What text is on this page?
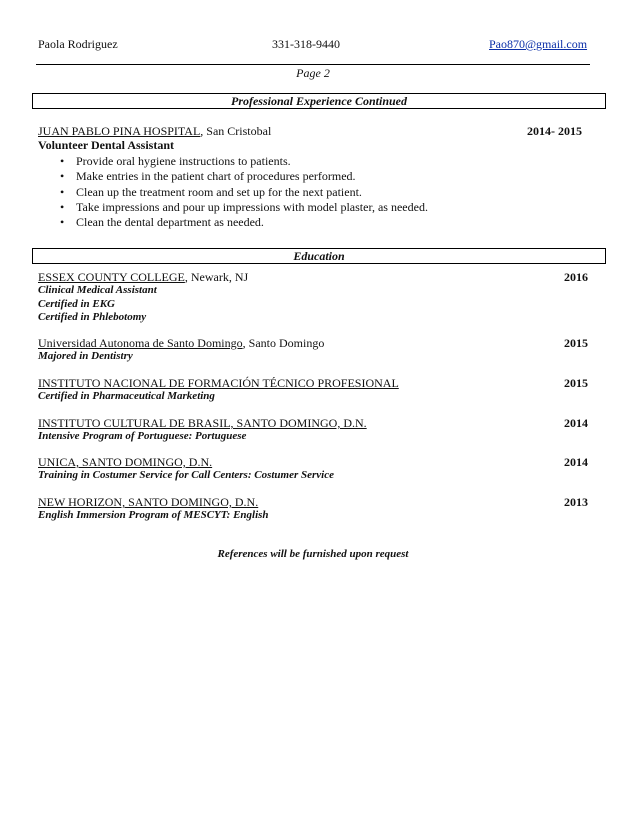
Paola Rodriguez	331-318-9440	Pao870@gmail.com
Page 2
Professional Experience Continued
JUAN PABLO PINA HOSPITAL, San Cristobal	2014- 2015
Volunteer Dental Assistant
• Provide oral hygiene instructions to patients.
• Make entries in the patient chart of procedures performed.
• Clean up the treatment room and set up for the next patient.
• Take impressions and pour up impressions with model plaster, as needed.
• Clean the dental department as needed.
Education
ESSEX COUNTY COLLEGE, Newark, NJ	2016
Clinical Medical Assistant
Certified in EKG
Certified in Phlebotomy
Universidad Autonoma de Santo Domingo, Santo Domingo	2015
Majored in Dentistry
INSTITUTO NACIONAL DE FORMACIÓN TÉCNICO PROFESIONAL	2015
Certified in Pharmaceutical Marketing
INSTITUTO CULTURAL DE BRASIL, SANTO DOMINGO, D.N.	2014
Intensive Program of Portuguese: Portuguese
UNICA, SANTO DOMINGO, D.N.	2014
Training in Costumer Service for Call Centers: Costumer Service
NEW HORIZON, SANTO DOMINGO, D.N.	2013
English Immersion Program of MESCYT: English
References will be furnished upon request
